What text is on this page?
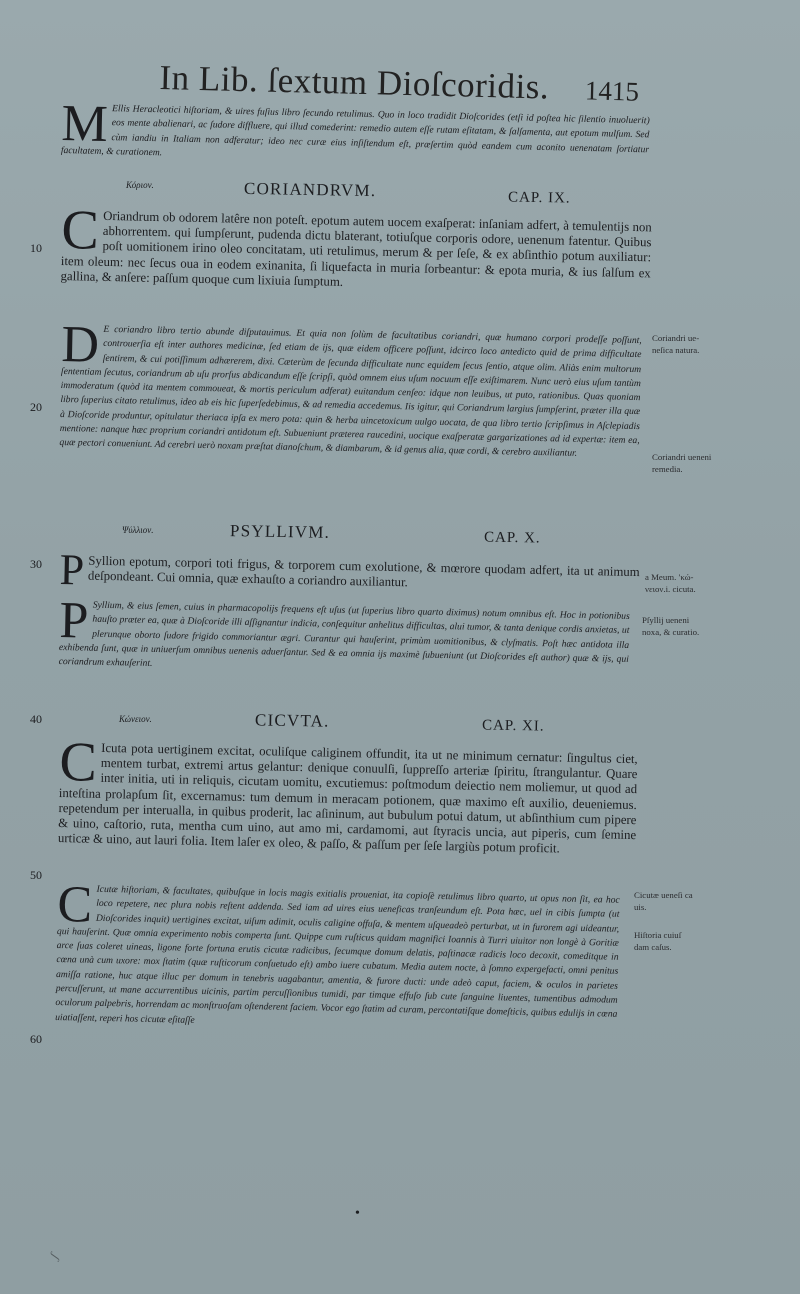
In Lib. ſextum Dioſcoridis. 1415

M Ellis Heracleotici hiſtoriam, & uires fuſius libro ſecundo retulimus. Quo in loco tradidit Dioſcorides (etſi id poſtea hic ſilentio inuoluerit) eos mente abalienari, ac ſudore diffluere, qui illud comederint: remedio autem eſſe rutam eſitatam, & ſalſamenta, aut epotum mulſum. Sed cùm iandiu in Italiam non adferatur; ideo nec curæ eius inſiſtendum eſt, præſertim quòd eandem cum aconito uenenatam ſortiatur facultatem, & curationem.

Κόριον.	CORIANDRVM.	CAP. IX.

C Oriandrum ob odorem latêre non poteſt. epotum autem uocem exaſperat: inſaniam adfert, à temulentijs non abhorrentem. qui ſumpſerunt, pudenda dictu blaterant, totiuſque corporis odore, uenenum fatentur. Quibus poſt uomitionem irino oleo concitatam, uti retulimus, merum & per ſeſe, & ex abſinthio potum auxiliatur: item oleum: nec ſecus oua in eodem exinanita, ſi liquefacta in muria ſorbeantur: & epota muria, & ius ſalſum ex gallina, & anſere: paſſum quoque cum lixiuia ſumptum.

D E coriandro libro tertio abunde diſputauimus. Et quia non ſolùm de facultatibus coriandri, quæ humano corpori prodeſſe poſſunt, controuerſia eſt inter authores medicinæ, ſed etiam de ijs, quæ eidem officere poſſunt, idcirco loco antedicto quid de prima difficultate ſentirem, & cui potiſſimum adhærerem, dixi. Cæterùm de ſecunda difficultate nunc equidem ſecus ſentio, atque olim. Aliàs enim multorum ſententiam ſecutus, coriandrum ab uſu prorſus abdicandum eſſe ſcripſi, quòd omnem eius uſum nocuum eſſe exiſtimarem. Nunc uerò eius uſum tantùm immoderatum (quòd ita mentem commoueat, & mortis periculum adferat) euitandum cenſeo: idque non leuibus, ut puto, rationibus. Quas quoniam libro ſuperius citato retulimus, ideo ab eis hic ſuperſedebimus, & ad remedia accedemus. Iis igitur, qui Coriandrum largius ſumpſerint, præter illa quæ à Dioſcoride produntur, opitulatur theriaca ipſa ex mero pota: quin & herba uincetoxicum uulgo uocata, de qua libro tertio ſcripſimus in Aſclepiadis mentione: nanque hæc proprium coriandri antidotum eſt. Subueniunt præterea raucedini, uocique exaſperatæ gargarizationes ad id expertæ: item ea, quæ pectori conueniunt. Ad cerebri uerò noxam præſtat dianoſchum, & diambarum, & id genus alia, quæ cordi, & cerebro auxiliantur.

Ψύλλιον.	PSYLLIVM.	CAP. X.

P Syllion epotum, corpori toti frigus, & torporem cum exolutione, & mœrore quodam adfert, ita ut animum deſpondeant. Cui omnia, quæ exhauſto a coriandro auxiliantur.

P Syllium, & eius ſemen, cuius in pharmacopolijs frequens eſt uſus (ut ſuperius libro quarto diximus) notum omnibus eſt. Hoc in potionibus hauſto præter ea, quæ à Dioſcoride illi aſſignantur indicia, conſequitur anhelitus difficultas, alui tumor, & tanta denique cordis anxietas, ut plerunque oborto ſudore frigido commoriantur ægri. Curantur qui hauſerint, primùm uomitionibus, & clyſmatis. Poſt hæc antidota illa exhibenda ſunt, quæ in uniuerſum omnibus uenenis aduerſantur. Sed & ea omnia ijs maximè ſubueniunt (ut Dioſcorides eſt author) quæ & ijs, qui coriandrum exhauſerint.

Κώνειον.	CICVTA.	CAP. XI.

C Icuta pota uertiginem excitat, oculiſque caliginem offundit, ita ut ne minimum cernatur: ſingultus ciet, mentem turbat, extremi artus gelantur: denique conuulſi, ſuppreſſo arteriæ ſpiritu, ſtrangulantur. Quare inter initia, uti in reliquis, cicutam uomitu, excutiemus: poſtmodum deiectio nem moliemur, ut quod ad inteſtina prolapſum ſit, excernamus: tum demum in meracam potionem, quæ maximo eſt auxilio, deueniemus. repetendum per interualla, in quibus proderit, lac aſininum, aut bubulum potui datum, ut abſinthium cum pipere & uino, caſtorio, ruta, mentha cum uino, aut amo mi, cardamomi, aut ſtyracis uncia, aut piperis, cum ſemine urticæ & uino, aut lauri folia. Item laſer ex oleo, & paſſo, & paſſum per ſeſe largiùs potum proficit.

C Icutæ hiſtoriam, & facultates, quibuſque in locis magis exitialis proueniat, ita copioſè retulimus libro quarto, ut opus non ſit, ea hoc loco repetere, nec plura nobis reſtent addenda. Sed iam ad uires eius ueneficas tranſeundum eſt. Pota hæc, uel in cibis ſumpta (ut Dioſcorides inquit) uertigines excitat, uiſum adimit, oculis caligine offuſa, & mentem uſqueadeò perturbat, ut in furorem agi uideantur, qui hauſerint. Quæ omnia experimento nobis comperta ſunt. Quippe cum ruſticus quidam magnifici Ioannis à Turri uiuitor non longè à Goritiæ arce ſuas coleret uineas, ligone forte fortuna erutis cicutæ radicibus, ſecumque domum delatis, paſtinacæ radicis loco decoxit, comeditque in cœna unà cum uxore: mox ſtatim (quæ ruſticorum conſuetudo eſt) ambo iuere cubatum. Media autem nocte, à ſomno expergefacti, omni penitus amiſſa ratione, huc atque illuc per domum in tenebris uagabantur, amentia, & furore ducti: unde adeò caput, faciem, & oculos in parietes percuſſerunt, ut mane accurrentibus uicinis, partim percuſſionibus tumidi, par timque effuſo ſub cute ſanguine liuentes, tumentibus admodum oculorum palpebris, horrendam ac monſtruoſam oſtenderent faciem. Vocor ego ſtatim ad curam, percontatiſque domeſticis, quibus edulijs in cœna uiatiaſſent, reperi hos cicutæ eſitaſſe

10
20
30
40
50
60
Coriandri ueneſica natura.
Coriandri ueneni remedia.
a Meum. ʹκώνειον.i. cicuta.
Pſyllij ueneni noxa, & curatio.
Cicutæ ueneſi ca uis.
Hiſtoria cuiuſ dam caſus.
•
ʃ
